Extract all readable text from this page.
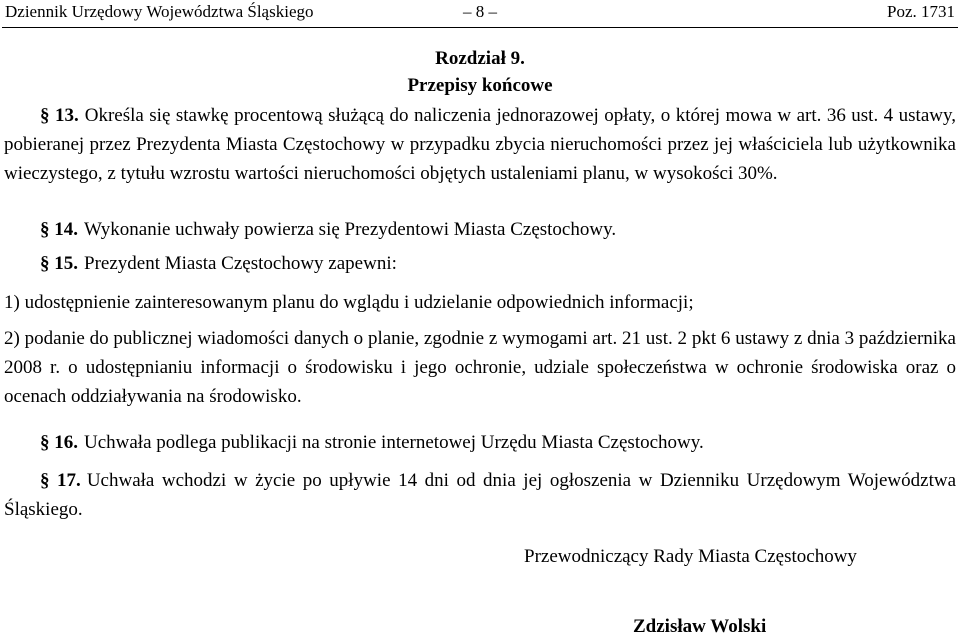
Dziennik Urzędowy Województwa Śląskiego	– 8 –	Poz. 1731
Rozdział 9.
Przepisy końcowe
§ 13. Określa się stawkę procentową służącą do naliczenia jednorazowej opłaty, o której mowa w art. 36 ust. 4 ustawy, pobieranej przez Prezydenta Miasta Częstochowy w przypadku zbycia nieruchomości przez jej właściciela lub użytkownika wieczystego, z tytułu wzrostu wartości nieruchomości objętych ustaleniami planu, w wysokości 30%.
§ 14. Wykonanie uchwały powierza się Prezydentowi Miasta Częstochowy.
§ 15. Prezydent Miasta Częstochowy zapewni:
1) udostępnienie zainteresowanym planu do wglądu i udzielanie odpowiednich informacji;
2) podanie do publicznej wiadomości danych o planie, zgodnie z wymogami art. 21 ust. 2 pkt 6 ustawy z dnia 3 października 2008 r. o udostępnianiu informacji o środowisku i jego ochronie, udziale społeczeństwa w ochronie środowiska oraz o ocenach oddziaływania na środowisko.
§ 16. Uchwała podlega publikacji na stronie internetowej Urzędu Miasta Częstochowy.
§ 17. Uchwała wchodzi w życie po upływie 14 dni od dnia jej ogłoszenia w Dzienniku Urzędowym Województwa Śląskiego.
Przewodniczący Rady Miasta Częstochowy
Zdzisław Wolski
